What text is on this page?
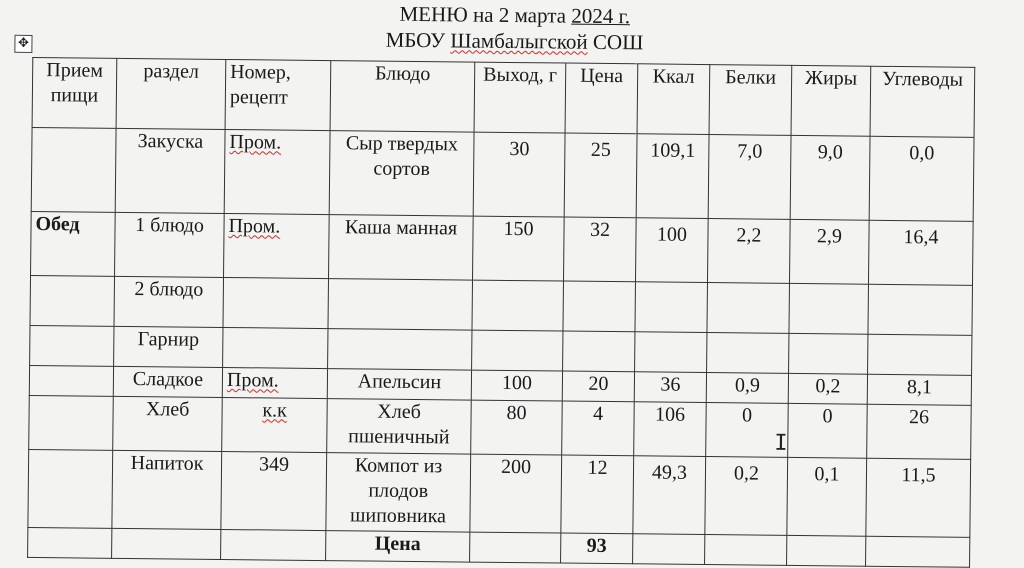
МЕНЮ на 2 марта 2024 г.
МБОУ Шамбалыгской СОШ
✥
Прием пищи	раздел	Номер, рецепт	Блюдо	Выход, г	Цена	Ккал	Белки	Жиры	Углеводы
	Закуска	Пром.	Сыр твердых сортов	30	25	109,1	7,0	9,0	0,0
Обед	1 блюдо	Пром.	Каша манная	150	32	100	2,2	2,9	16,4
	2 блюдо								
	Гарнир								
	Сладкое	Пром.	Апельсин	100	20	36	0,9	0,2	8,1
	Хлеб	к.к	Хлеб пшеничный	80	4	106	0	0	26
	Напиток	349	Компот из плодов шиповника	200	12	49,3	0,2	0,1	11,5
			Цена		93				
I
